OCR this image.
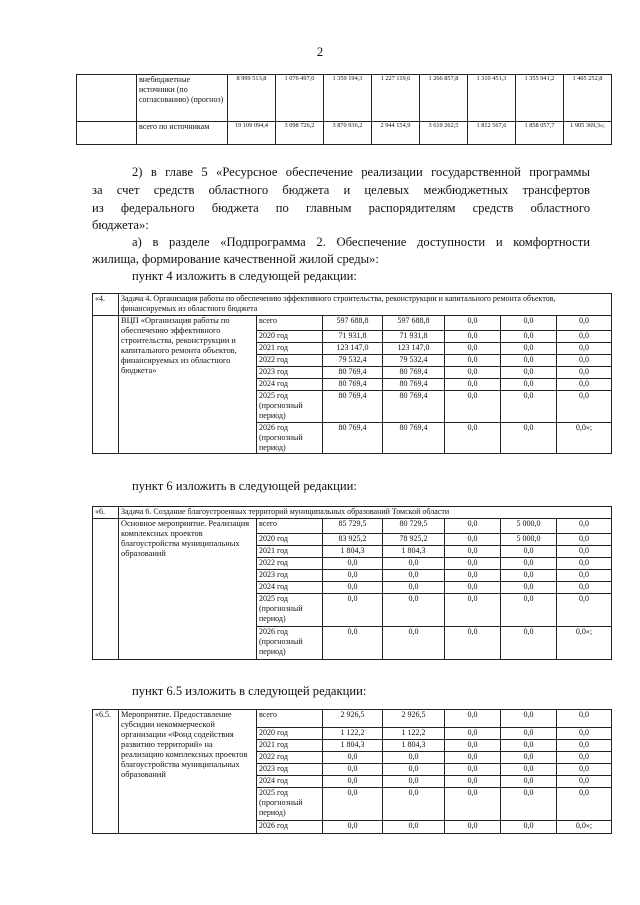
2
	внебюджетные источники (по согласованию) (прогноз)	8 999 513,8	1 076 497,0	1 359 194,3	1 227 119,6	1 266 857,8	1 310 451,3	1 355 941,2	1 405 252,8
	всего по источникам	19 109 094,4	3 098 726,2	3 870 936,2	2 944 154,9	3 619 262,5	1 812 567,6	1 858 057,7	1 905 369,3»;
2) в главе 5 «Ресурсное обеспечение реализации государственной программы
за счет средств областного бюджета и целевых межбюджетных трансфертов
из федерального бюджета по главным распорядителям средств областного
бюджета»:
а) в разделе «Подпрограмма 2. Обеспечение доступности и комфортности
жилища, формирование качественной жилой среды»:
пункт 4 изложить в следующей редакции:
«4.	Задача 4. Организация работы по обеспечению эффективного строительства, реконструкции и капитального ремонта объектов, финансируемых из областного бюджета						
	ВЦП «Организация работы по обеспечению эффективного строительства, реконструкции и капитального ремонта объектов, финансируемых из областного бюджета»	всего	597 688,8	597 688,8	0,0	0,0	0,0
		2020 год	71 931,8	71 931,8	0,0	0,0	0,0
		2021 год	123 147,0	123 147,0	0,0	0,0	0,0
		2022 год	79 532,4	79 532,4	0,0	0,0	0,0
		2023 год	80 769,4	80 769,4	0,0	0,0	0,0
		2024 год	80 769,4	80 769,4	0,0	0,0	0,0
		2025 год (прогнозный период)	80 769,4	80 769,4	0,0	0,0	0,0
		2026 год (прогнозный период)	80 769,4	80 769,4	0,0	0,0	0,0»;
пункт 6 изложить в следующей редакции:
«6.	Задача 6. Создание благоустроенных территорий муниципальных образований Томской области						
	Основное мероприятие. Реализация комплексных проектов благоустройства муниципальных образований	всего	85 729,5	80 729,5	0,0	5 000,0	0,0
		2020 год	83 925,2	78 925,2	0,0	5 000,0	0,0
		2021 год	1 804,3	1 804,3	0,0	0,0	0,0
		2022 год	0,0	0,0	0,0	0,0	0,0
		2023 год	0,0	0,0	0,0	0,0	0,0
		2024 год	0,0	0,0	0,0	0,0	0,0
		2025 год (прогнозный период)	0,0	0,0	0,0	0,0	0,0
		2026 год (прогнозный период)	0,0	0,0	0,0	0,0	0,0»;
пункт 6.5 изложить в следующей редакции:
«6.5.	Мероприятие. Предоставление субсидии некоммерческой организации «Фонд содействия развитию территорий» на реализацию комплексных проектов благоустройства муниципальных образований	всего	2 926,5	2 926,5	0,0	0,0	0,0
		2020 год	1 122,2	1 122,2	0,0	0,0	0,0
		2021 год	1 804,3	1 804,3	0,0	0,0	0,0
		2022 год	0,0	0,0	0,0	0,0	0,0
		2023 год	0,0	0,0	0,0	0,0	0,0
		2024 год	0,0	0,0	0,0	0,0	0,0
		2025 год (прогнозный период)	0,0	0,0	0,0	0,0	0,0
		2026 год	0,0	0,0	0,0	0,0	0,0»;
